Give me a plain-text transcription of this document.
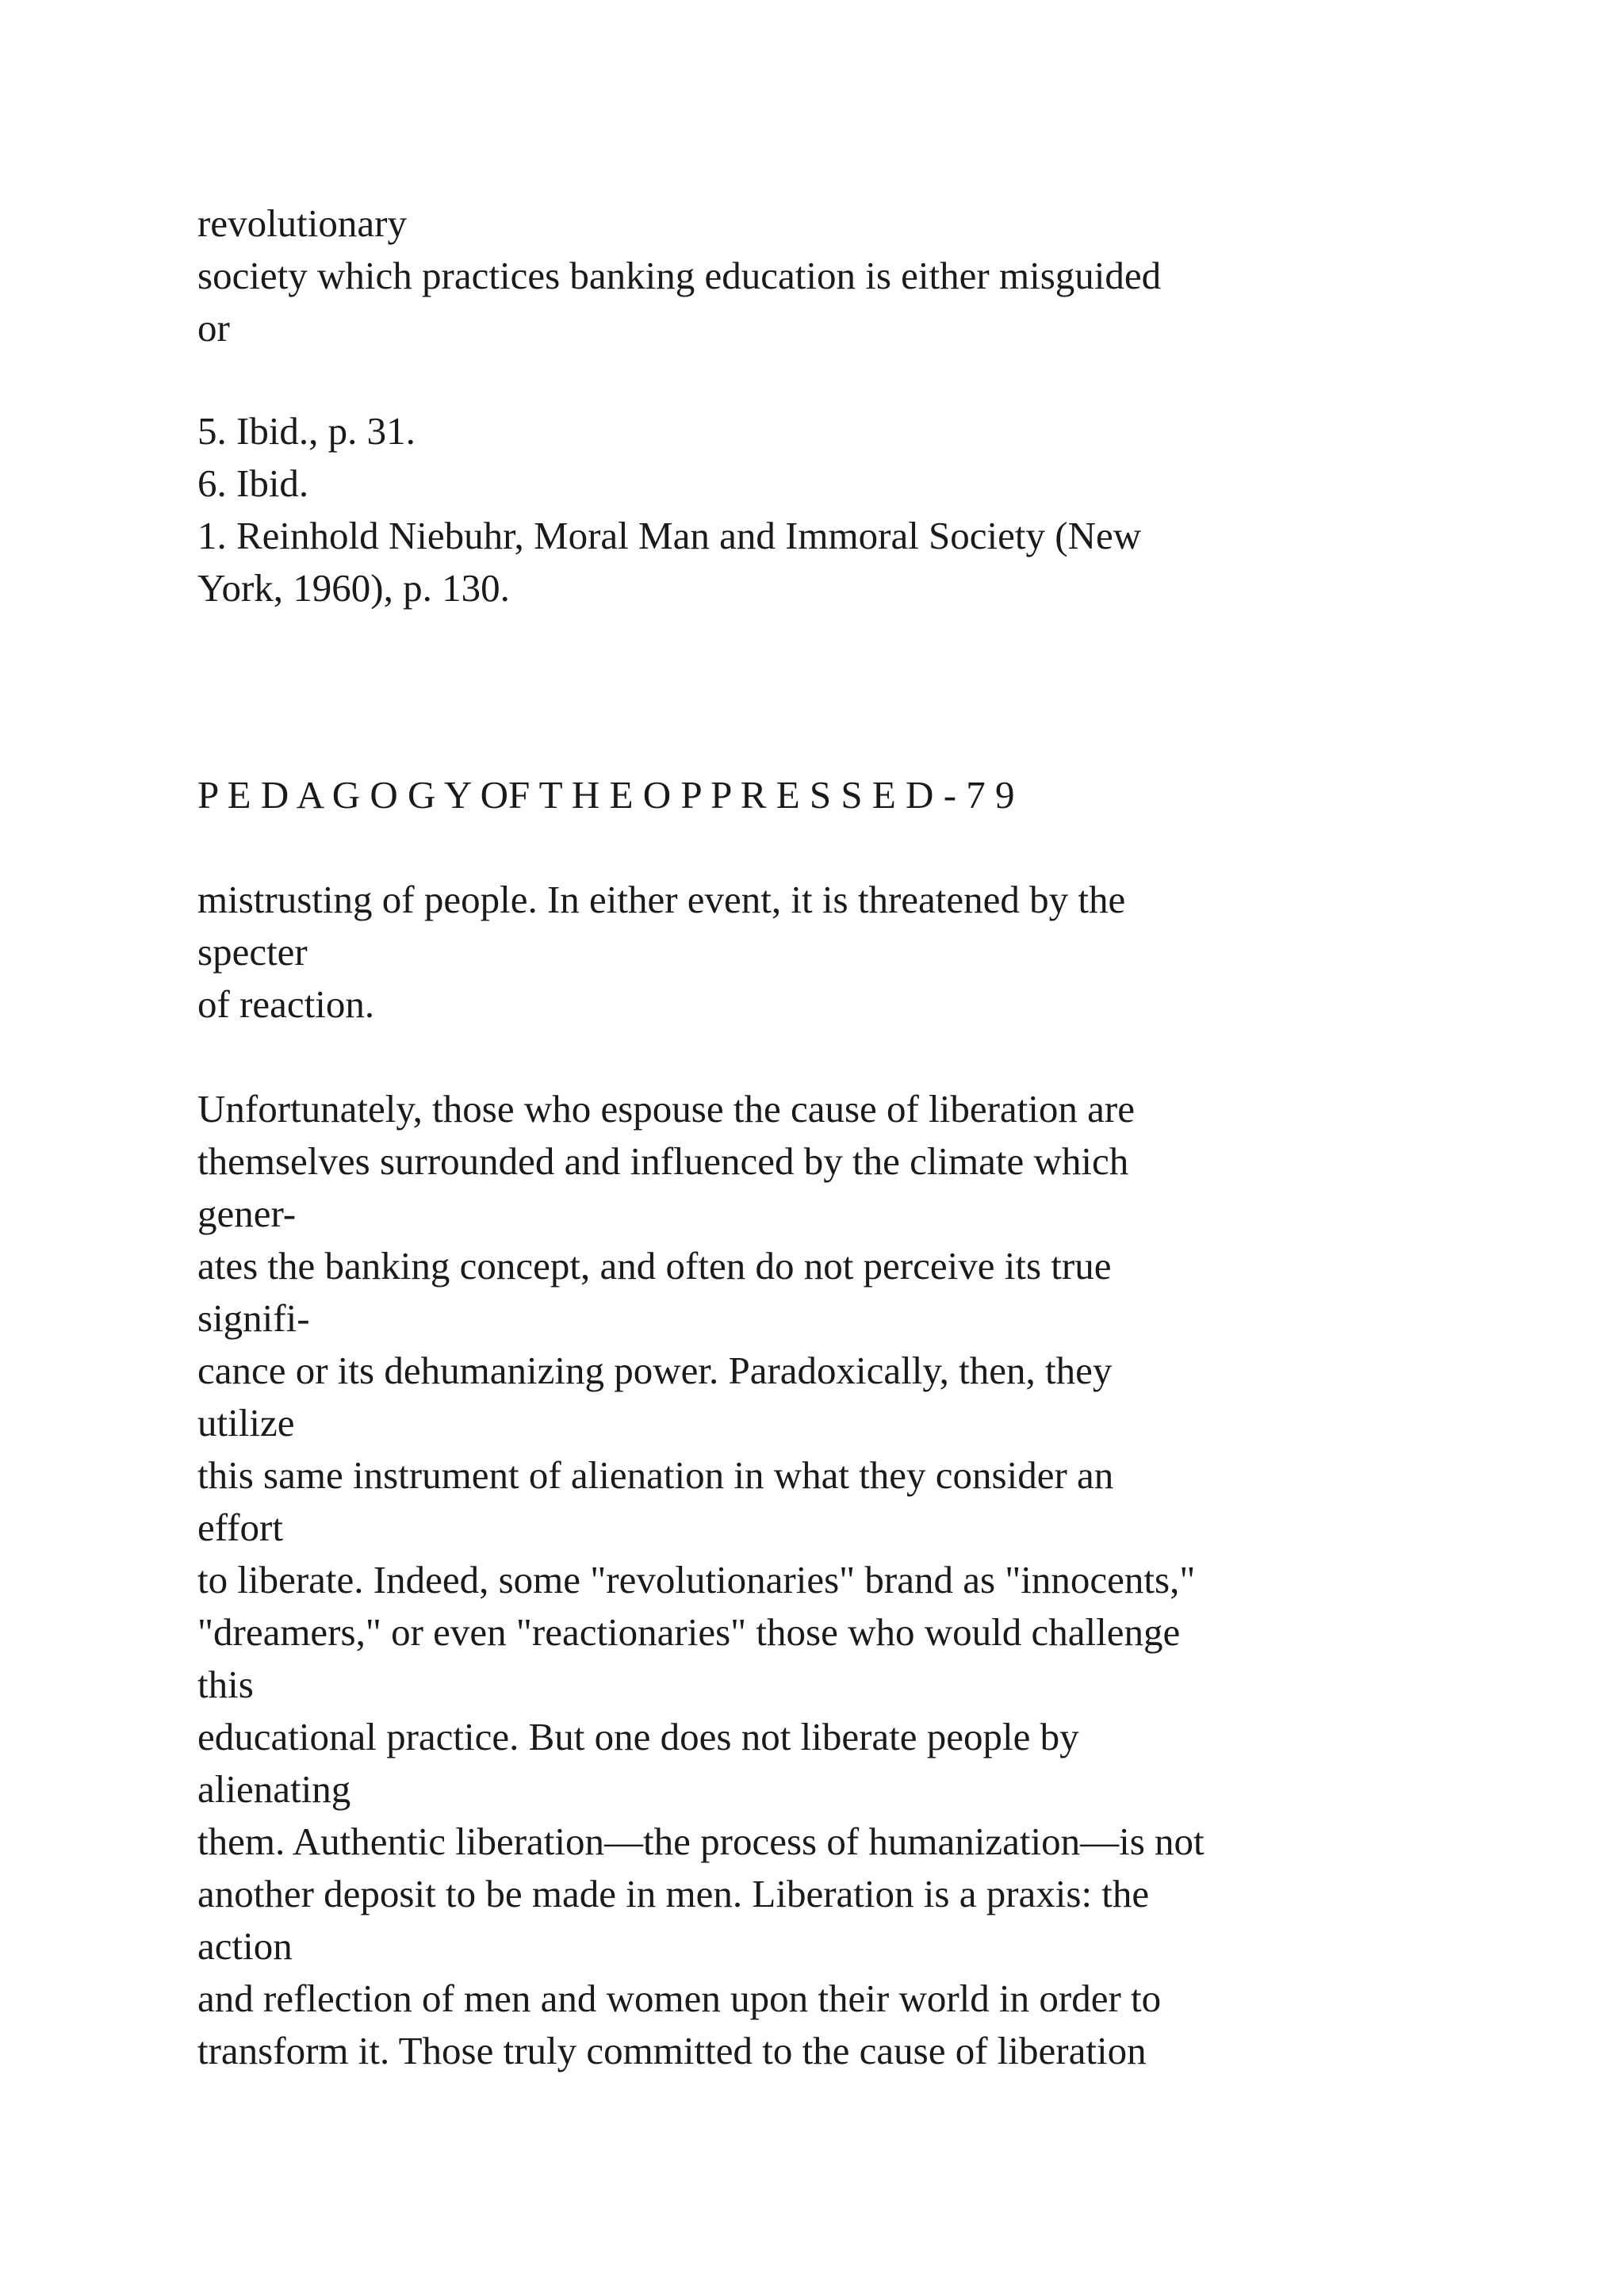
revolutionary
society which practices banking education is either misguided
or
5. Ibid., p. 31.
6. Ibid.
1. Reinhold Niebuhr, Moral Man and Immoral Society (New
York, 1960), p. 130.
P E D A G O G Y OF T H E O P P R E S S E D - 7 9
mistrusting of people. In either event, it is threatened by the
specter
of reaction.
Unfortunately, those who espouse the cause of liberation are
themselves surrounded and influenced by the climate which
gener-
ates the banking concept, and often do not perceive its true
signifi-
cance or its dehumanizing power. Paradoxically, then, they
utilize
this same instrument of alienation in what they consider an
effort
to liberate. Indeed, some "revolutionaries" brand as "innocents,"
"dreamers," or even "reactionaries" those who would challenge
this
educational practice. But one does not liberate people by
alienating
them. Authentic liberation—the process of humanization—is not
another deposit to be made in men. Liberation is a praxis: the
action
and reflection of men and women upon their world in order to
transform it. Those truly committed to the cause of liberation
